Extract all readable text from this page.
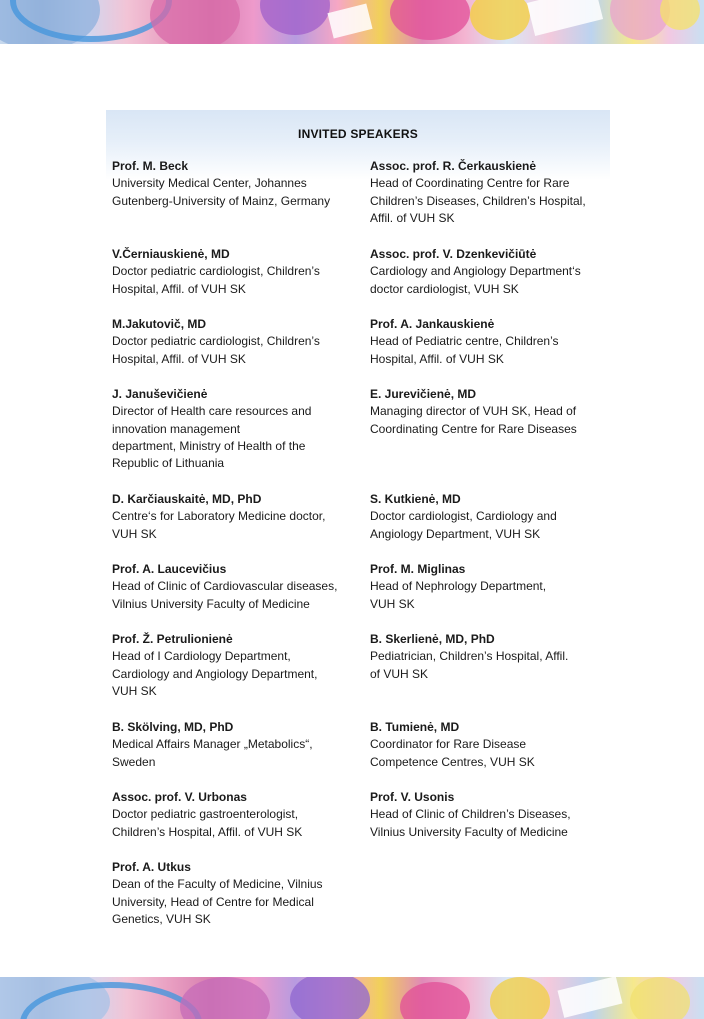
INVITED SPEAKERS
Prof. M. Beck
University Medical Center, Johannes
Gutenberg-University of Mainz, Germany
V.Černiauskienė, MD
Doctor pediatric cardiologist, Children’s
Hospital, Affil. of VUH SK
M.Jakutovič, MD
Doctor pediatric cardiologist, Children’s
Hospital, Affil. of VUH SK
J. Januševičienė
Director of Health care resources and
innovation management
department, Ministry of Health of the
Republic of Lithuania
D. Karčiauskaitė, MD, PhD
Centre‘s for Laboratory Medicine doctor,
VUH SK
Prof. A. Laucevičius
Head of Clinic of Cardiovascular diseases,
Vilnius University Faculty of Medicine
Prof. Ž. Petrulionienė
Head of I Cardiology Department,
Cardiology and Angiology Department,
VUH SK
B. Skölving, MD, PhD
Medical Affairs Manager „Metabolics“,
Sweden
Assoc. prof. V. Urbonas
Doctor pediatric gastroenterologist,
Children’s Hospital, Affil. of VUH SK
Prof. A. Utkus
Dean of the Faculty of Medicine, Vilnius
University, Head of Centre for Medical
Genetics, VUH SK
Assoc. prof. R. Čerkauskienė
Head of Coordinating Centre for Rare
Children’s Diseases, Children’s Hospital,
Affil. of VUH SK
Assoc. prof. V. Dzenkevičiūtė
Cardiology and Angiology Department‘s
doctor cardiologist, VUH SK
Prof. A. Jankauskienė
Head of Pediatric centre, Children’s
Hospital, Affil. of VUH SK
E. Jurevičienė, MD
Managing director of VUH SK, Head of
Coordinating Centre for Rare Diseases
S. Kutkienė, MD
Doctor cardiologist, Cardiology and
Angiology Department, VUH SK
Prof. M. Miglinas
Head of Nephrology Department,
VUH SK
B. Skerlienė, MD, PhD
Pediatrician, Children’s Hospital, Affil.
of VUH SK
B. Tumienė, MD
Coordinator for Rare Disease
Competence Centres, VUH SK
Prof. V. Usonis
Head of Clinic of Children’s Diseases,
Vilnius University Faculty of Medicine
